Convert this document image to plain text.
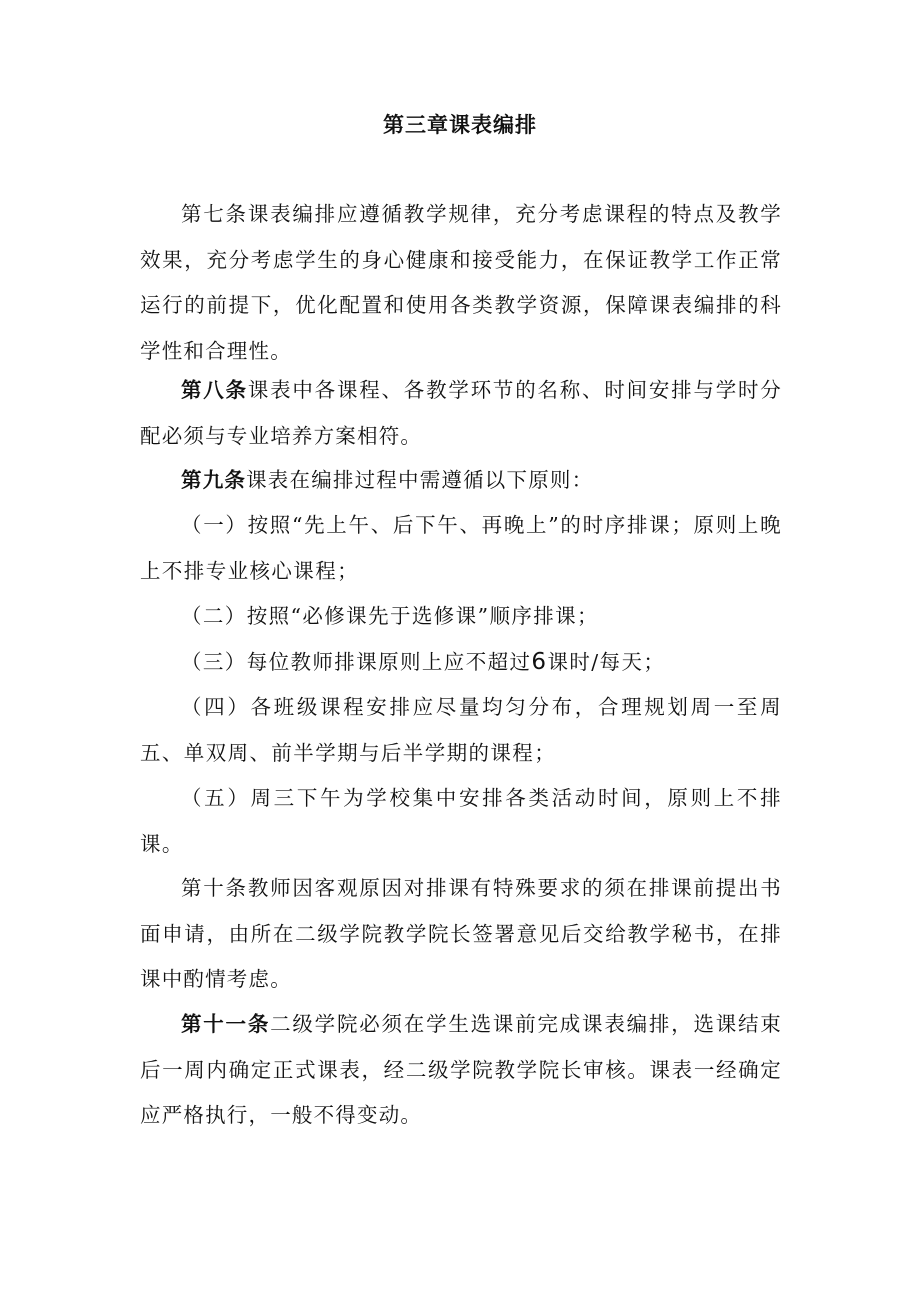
第三章课表编排

第七条课表编排应遵循教学规律，充分考虑课程的特点及教学效果，充分考虑学生的身心健康和接受能力，在保证教学工作正常运行的前提下，优化配置和使用各类教学资源，保障课表编排的科学性和合理性。

第八条课表中各课程、各教学环节的名称、时间安排与学时分配必须与专业培养方案相符。

第九条课表在编排过程中需遵循以下原则：

（一）按照“先上午、后下午、再晚上”的时序排课；原则上晚上不排专业核心课程；

（二）按照“必修课先于选修课”顺序排课；

（三）每位教师排课原则上应不超过6课时/每天；

（四）各班级课程安排应尽量均匀分布，合理规划周一至周五、单双周、前半学期与后半学期的课程；

（五）周三下午为学校集中安排各类活动时间，原则上不排课。

第十条教师因客观原因对排课有特殊要求的须在排课前提出书面申请，由所在二级学院教学院长签署意见后交给教学秘书，在排课中酌情考虑。

第十一条二级学院必须在学生选课前完成课表编排，选课结束后一周内确定正式课表，经二级学院教学院长审核。课表一经确定应严格执行，一般不得变动。
